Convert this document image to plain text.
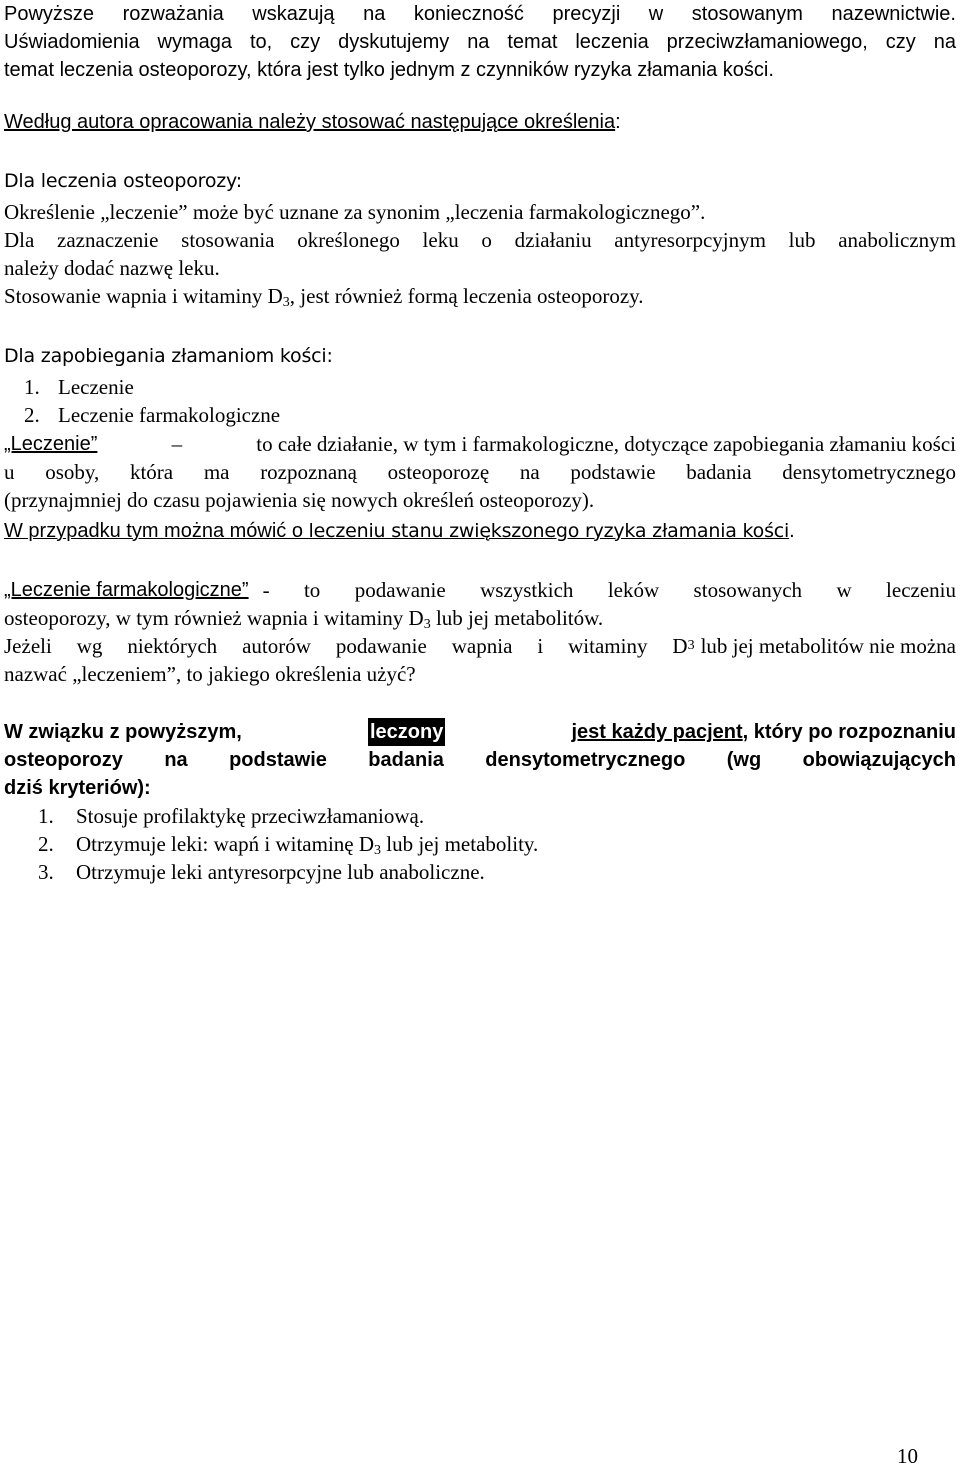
Powyższe rozważania wskazują na konieczność precyzji w stosowanym nazewnictwie.
Uświadomienia wymaga to, czy dyskutujemy na temat leczenia przeciwzłamaniowego, czy na
temat leczenia osteoporozy, która jest tylko jednym z czynników ryzyka złamania kości.
Według autora opracowania należy stosować następujące określenia:
Dla leczenia osteoporozy:
Określenie „leczenie” może być uznane za synonim „leczenia farmakologicznego”.
Dla zaznaczenie stosowania określonego leku o działaniu antyresorpcyjnym lub anabolicznym
należy dodać nazwę leku.
Stosowanie wapnia i witaminy $D_3$, jest również formą leczenia osteoporozy.
Dla zapobiegania złamaniom kości:
1. Leczenie
2. Leczenie farmakologiczne
„Leczenie”	–	to całe działanie, w tym i farmakologiczne, dotyczące zapobiegania złamaniu kości
u osoby, która ma rozpoznaną osteoporozę na podstawie badania densytometrycznego
(przynajmniej do czasu pojawienia się nowych określeń osteoporozy).
W przypadku tym można mówić o leczeniu stanu zwiększonego ryzyka złamania kości.
„Leczenie farmakologiczne” - to podawanie wszystkich leków stosowanych w leczeniu
osteoporozy, w tym również wapnia i witaminy $D_3$ lub jej metabolitów.
Jeżeli wg niektórych autorów podawanie wapnia i witaminy $D_3$ lub jej metabolitów nie można
nazwać „leczeniem”, to jakiego określenia użyć?
W związku z powyższym,	leczony	jest każdy pacjent, który po rozpoznaniu
osteoporozy na podstawie badania densytometrycznego (wg obowiązujących
dziś kryteriów):
1.	Stosuje profilaktykę przeciwzłamaniową.
2.	Otrzymuje leki: wapń i witaminę $D_3$ lub jej metabolity.
3.	Otrzymuje leki antyresorpcyjne lub anaboliczne.
10
